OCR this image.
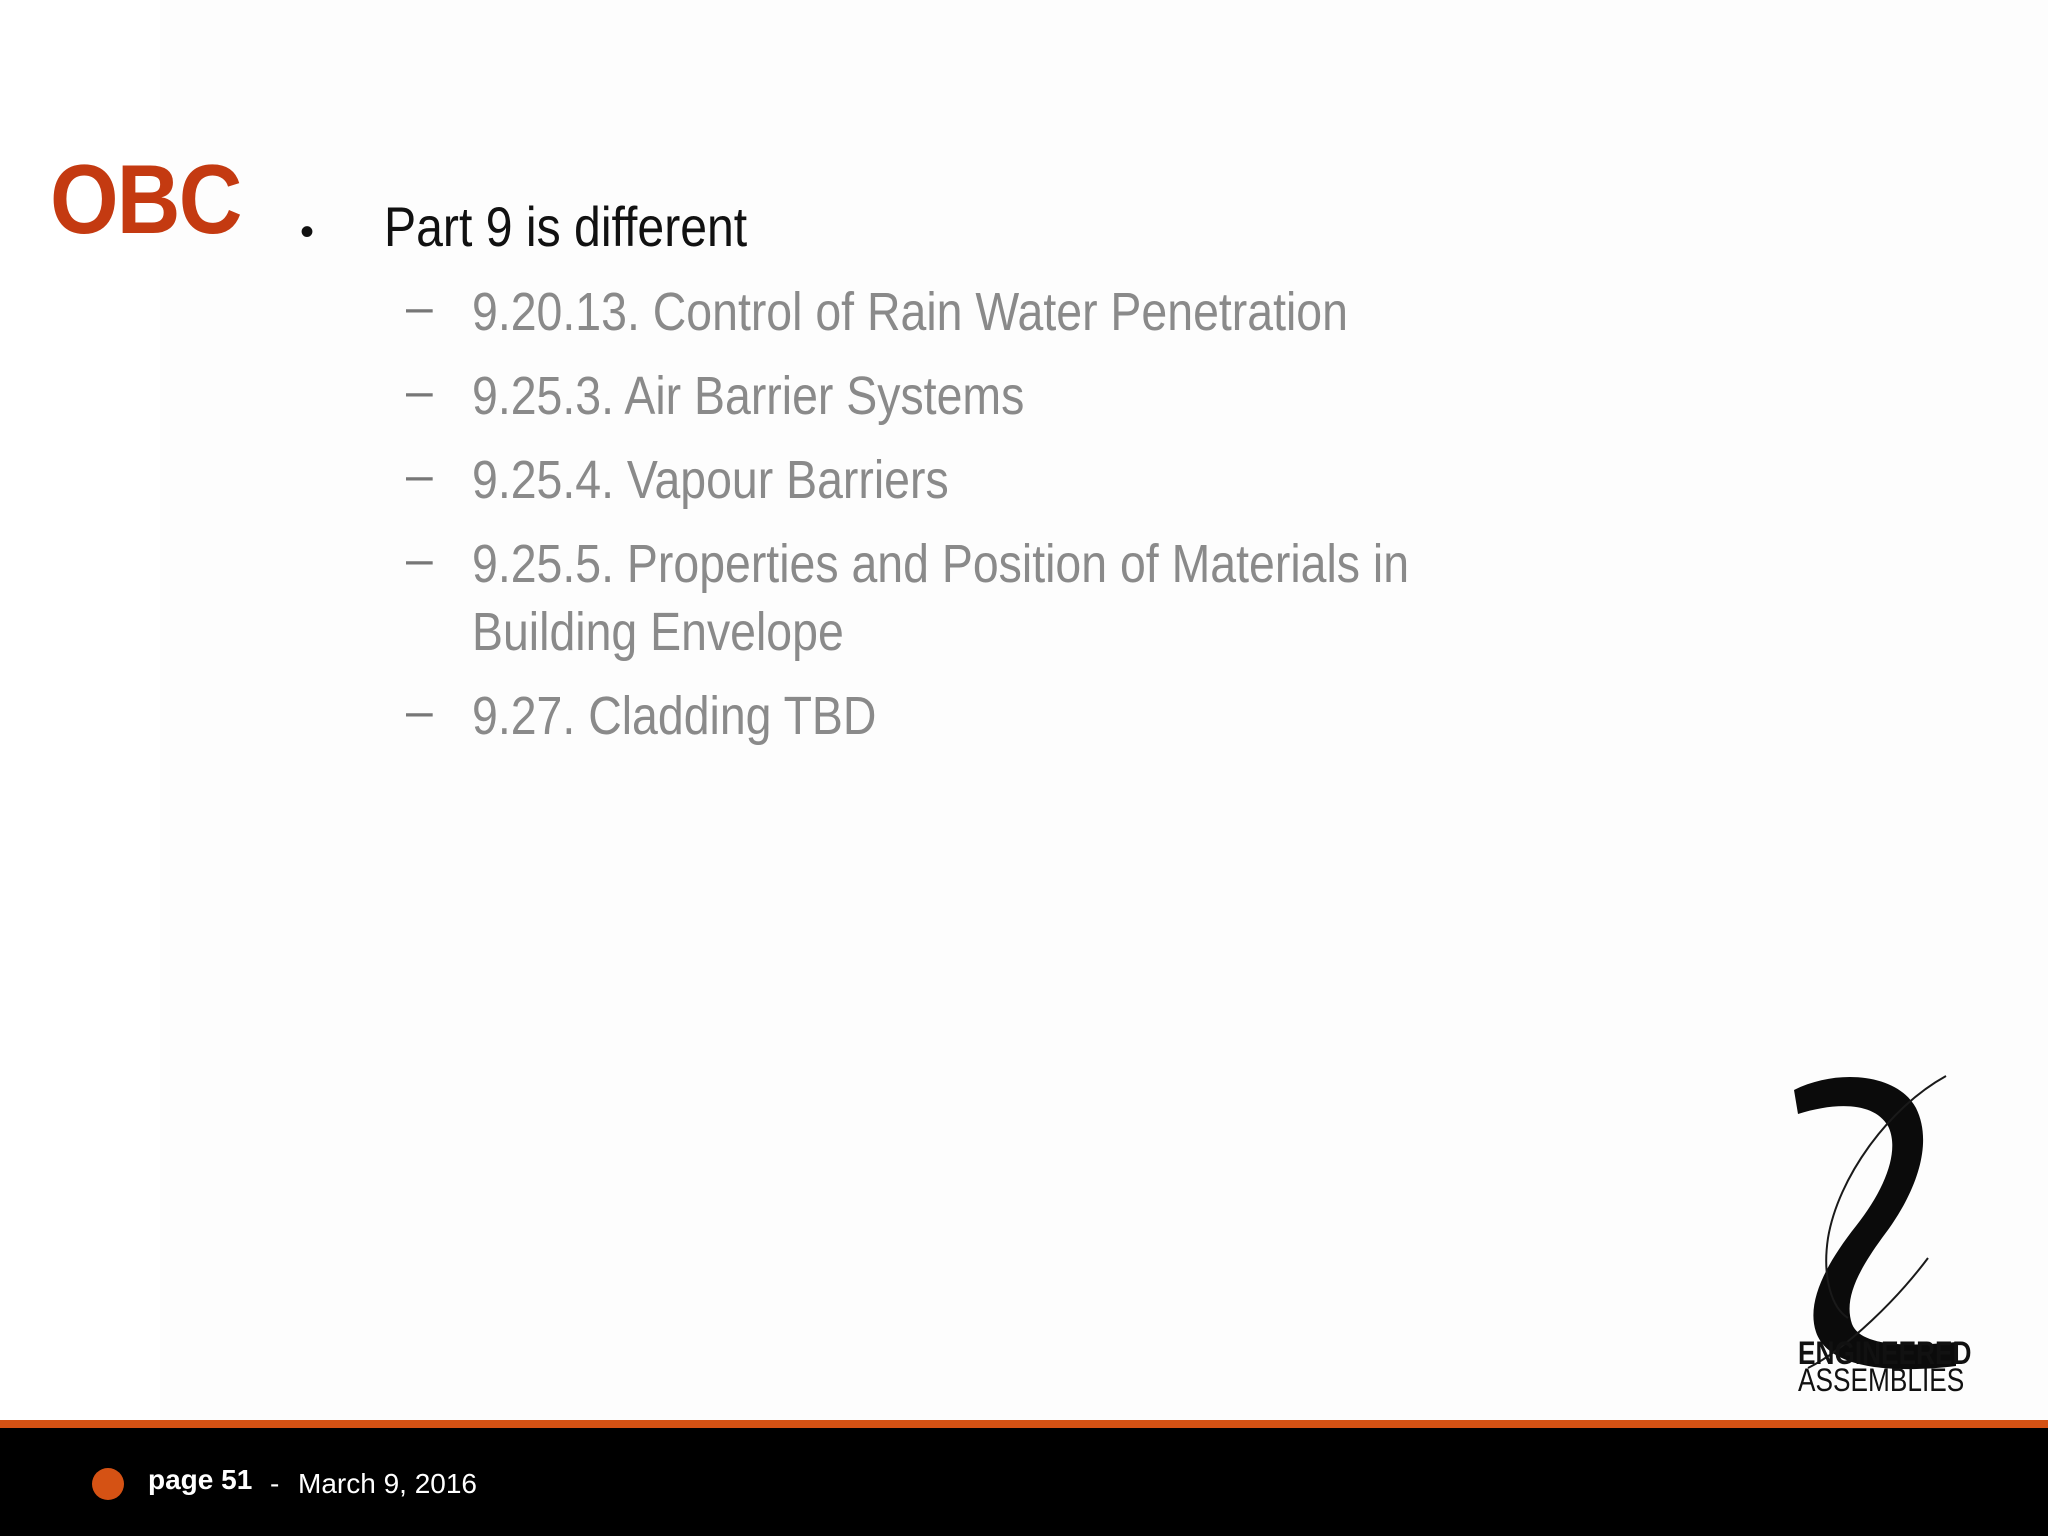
OBC • Part 9 is different
– 9.20.13. Control of Rain Water Penetration
– 9.25.3. Air Barrier Systems
– 9.25.4. Vapour Barriers
– 9.25.5. Properties and Position of Materials in Building Envelope
– 9.27. Cladding TBD
ENGINEERED
ASSEMBLIES
page 51 - March 9, 2016
